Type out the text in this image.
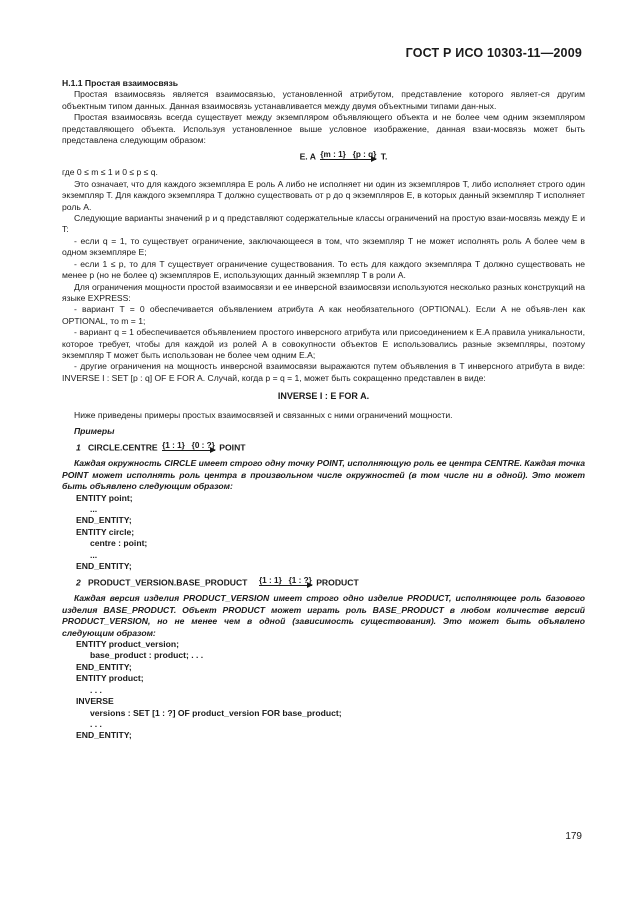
ГОСТ Р ИСО 10303-11—2009

H.1.1 Простая взаимосвязь

Простая взаимосвязь является взаимосвязью, установленной атрибутом, представление которого являет-ся другим объектным типом данных. Данная взаимосвязь устанавливается между двумя объектными типами дан-ных.

Простая взаимосвязь всегда существует между экземпляром объявляющего объекта и не более чем одним экземпляром представляющего объекта. Используя установленное выше условное изображение, данная взаи-мосвязь может быть представлена следующим образом:

E. A {m : 1} {p : q} T.

где 0 ≤ m ≤ 1 и 0 ≤ p ≤ q.

Это означает, что для каждого экземпляра E роль A либо не исполняет ни один из экземпляров T, либо исполняет строго один экземпляр T. Для каждого экземпляра T должно существовать от p до q экземпляров E, в которых данный экземпляр T исполняет роль A.

Следующие варианты значений p и q представляют содержательные классы ограничений на простую взаи-мосвязь между E и T:

- если q = 1, то существует ограничение, заключающееся в том, что экземпляр T не может исполнять роль A более чем в одном экземпляре E;

- если 1 ≤ p, то для T существует ограничение существования. То есть для каждого экземпляра T должно существовать не менее p (но не более q) экземпляров E, использующих данный экземпляр T в роли A.

Для ограничения мощности простой взаимосвязи и ее инверсной взаимосвязи используются несколько разных конструкций на языке EXPRESS:

- вариант T = 0 обеспечивается объявлением атрибута A как необязательного (OPTIONAL). Если A не объяв-лен как OPTIONAL, то m = 1;

- вариант q = 1 обеспечивается объявлением простого инверсного атрибута или присоединением к E.A правила уникальности, которое требует, чтобы для каждой из ролей A в совокупности объектов E использовались разные экземпляры, поэтому экземпляр T может быть использован не более чем одним E.A;

- другие ограничения на мощность инверсной взаимосвязи выражаются путем объявления в T инверсного атрибута в виде: INVERSE I : SET [p : q] OF E FOR A. Случай, когда p = q = 1, может быть сокращенно представлен в виде:

INVERSE I : E FOR A.

Ниже приведены примеры простых взаимосвязей и связанных с ними ограничений мощности.

Примеры

1 CIRCLE.CENTRE {1 : 1} {0 : ?} POINT

Каждая окружность CIRCLE имеет строго одну точку POINT, исполняющую роль ее центра CENTRE. Каждая точка POINT может исполнять роль центра в произвольном числе окружностей (в том числе ни в одной). Это может быть объявлено следующим образом:

ENTITY point;

...

END_ENTITY;

ENTITY circle;

centre : point;

...

END_ENTITY;

2 PRODUCT_VERSION.BASE_PRODUCT {1 : 1} {1 : ?} PRODUCT

Каждая версия изделия PRODUCT_VERSION имеет строго одно изделие PRODUCT, исполняющее роль базового изделия BASE_PRODUCT. Объект PRODUCT может играть роль BASE_PRODUCT в любом количестве версий PRODUCT_VERSION, но не менее чем в одной (зависимость существования). Это может быть объявлено следующим образом:

ENTITY product_version;

base_product : product; . . .

END_ENTITY;

ENTITY product;

. . .

INVERSE

versions : SET [1 : ?] OF product_version FOR base_product;

. . .

END_ENTITY;

179
